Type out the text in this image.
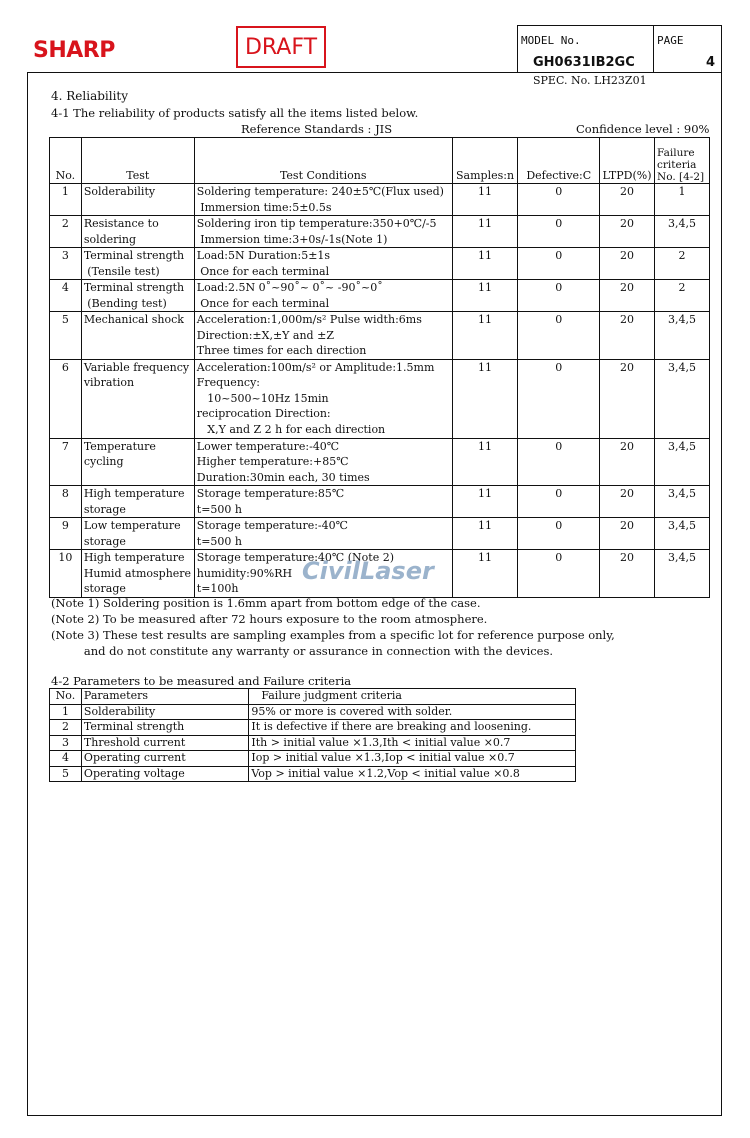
SHARP	DRAFT	MODEL No.
GH0631IB2GC
PAGE
4
SPEC. No. LH23Z01
4. Reliability
4-1 The reliability of products satisfy all the items listed below.
Reference Standards : JIS	Confidence level : 90%
No.	Test	Test Conditions	Samples:n	Defective:C	LTPD(%)	Failure
criteria
No. [4-2]

1	Solderability	Soldering temperature: 240±5℃(Flux used)
Immersion time:5±0.5s	11	0	20	1
2	Resistance to
soldering	Soldering iron tip temperature:350+0℃/-5
Immersion time:3+0s/-1s(Note 1)	11	0	20	3,4,5
3	Terminal strength
(Tensile test)	Load:5N Duration:5±1s
Once for each terminal	11	0	20	2
4	Terminal strength
(Bending test)	Load:2.5N 0˚~90˚~ 0˚~ -90˚~0˚
Once for each terminal	11	0	20	2
5	Mechanical shock	Acceleration:1,000m/s² Pulse width:6ms
Direction:±X,±Y and ±Z
Three times for each direction	11	0	20	3,4,5
6	Variable frequency
vibration	Acceleration:100m/s² or Amplitude:1.5mm
Frequency:
10~500~10Hz 15min
reciprocation Direction:
X,Y and Z 2 h for each direction	11	0	20	3,4,5
7	Temperature
cycling	Lower temperature:-40℃
Higher temperature:+85℃
Duration:30min each, 30 times	11	0	20	3,4,5
8	High temperature
storage	Storage temperature:85℃
t=500 h	11	0	20	3,4,5
9	Low temperature
storage	Storage temperature:-40℃
t=500 h	11	0	20	3,4,5
10	High temperature
Humid atmosphere
storage	Storage temperature:40℃ (Note 2)
humidity:90%RH
t=100h	11	0	20	3,4,5
CivilLaser
(Note 1) Soldering position is 1.6mm apart from bottom edge of the case.
(Note 2) To be measured after 72 hours exposure to the room atmosphere.
(Note 3) These test results are sampling examples from a specific lot for reference purpose only,
and do not constitute any warranty or assurance in connection with the devices.
4-2 Parameters to be measured and Failure criteria
No.	Parameters	Failure judgment criteria
1	Solderability	95% or more is covered with solder.
2	Terminal strength	It is defective if there are breaking and loosening.
3	Threshold current	Ith > initial value ×1.3,Ith < initial value ×0.7
4	Operating current	Iop > initial value ×1.3,Iop < initial value ×0.7
5	Operating voltage	Vop > initial value ×1.2,Vop < initial value ×0.8
